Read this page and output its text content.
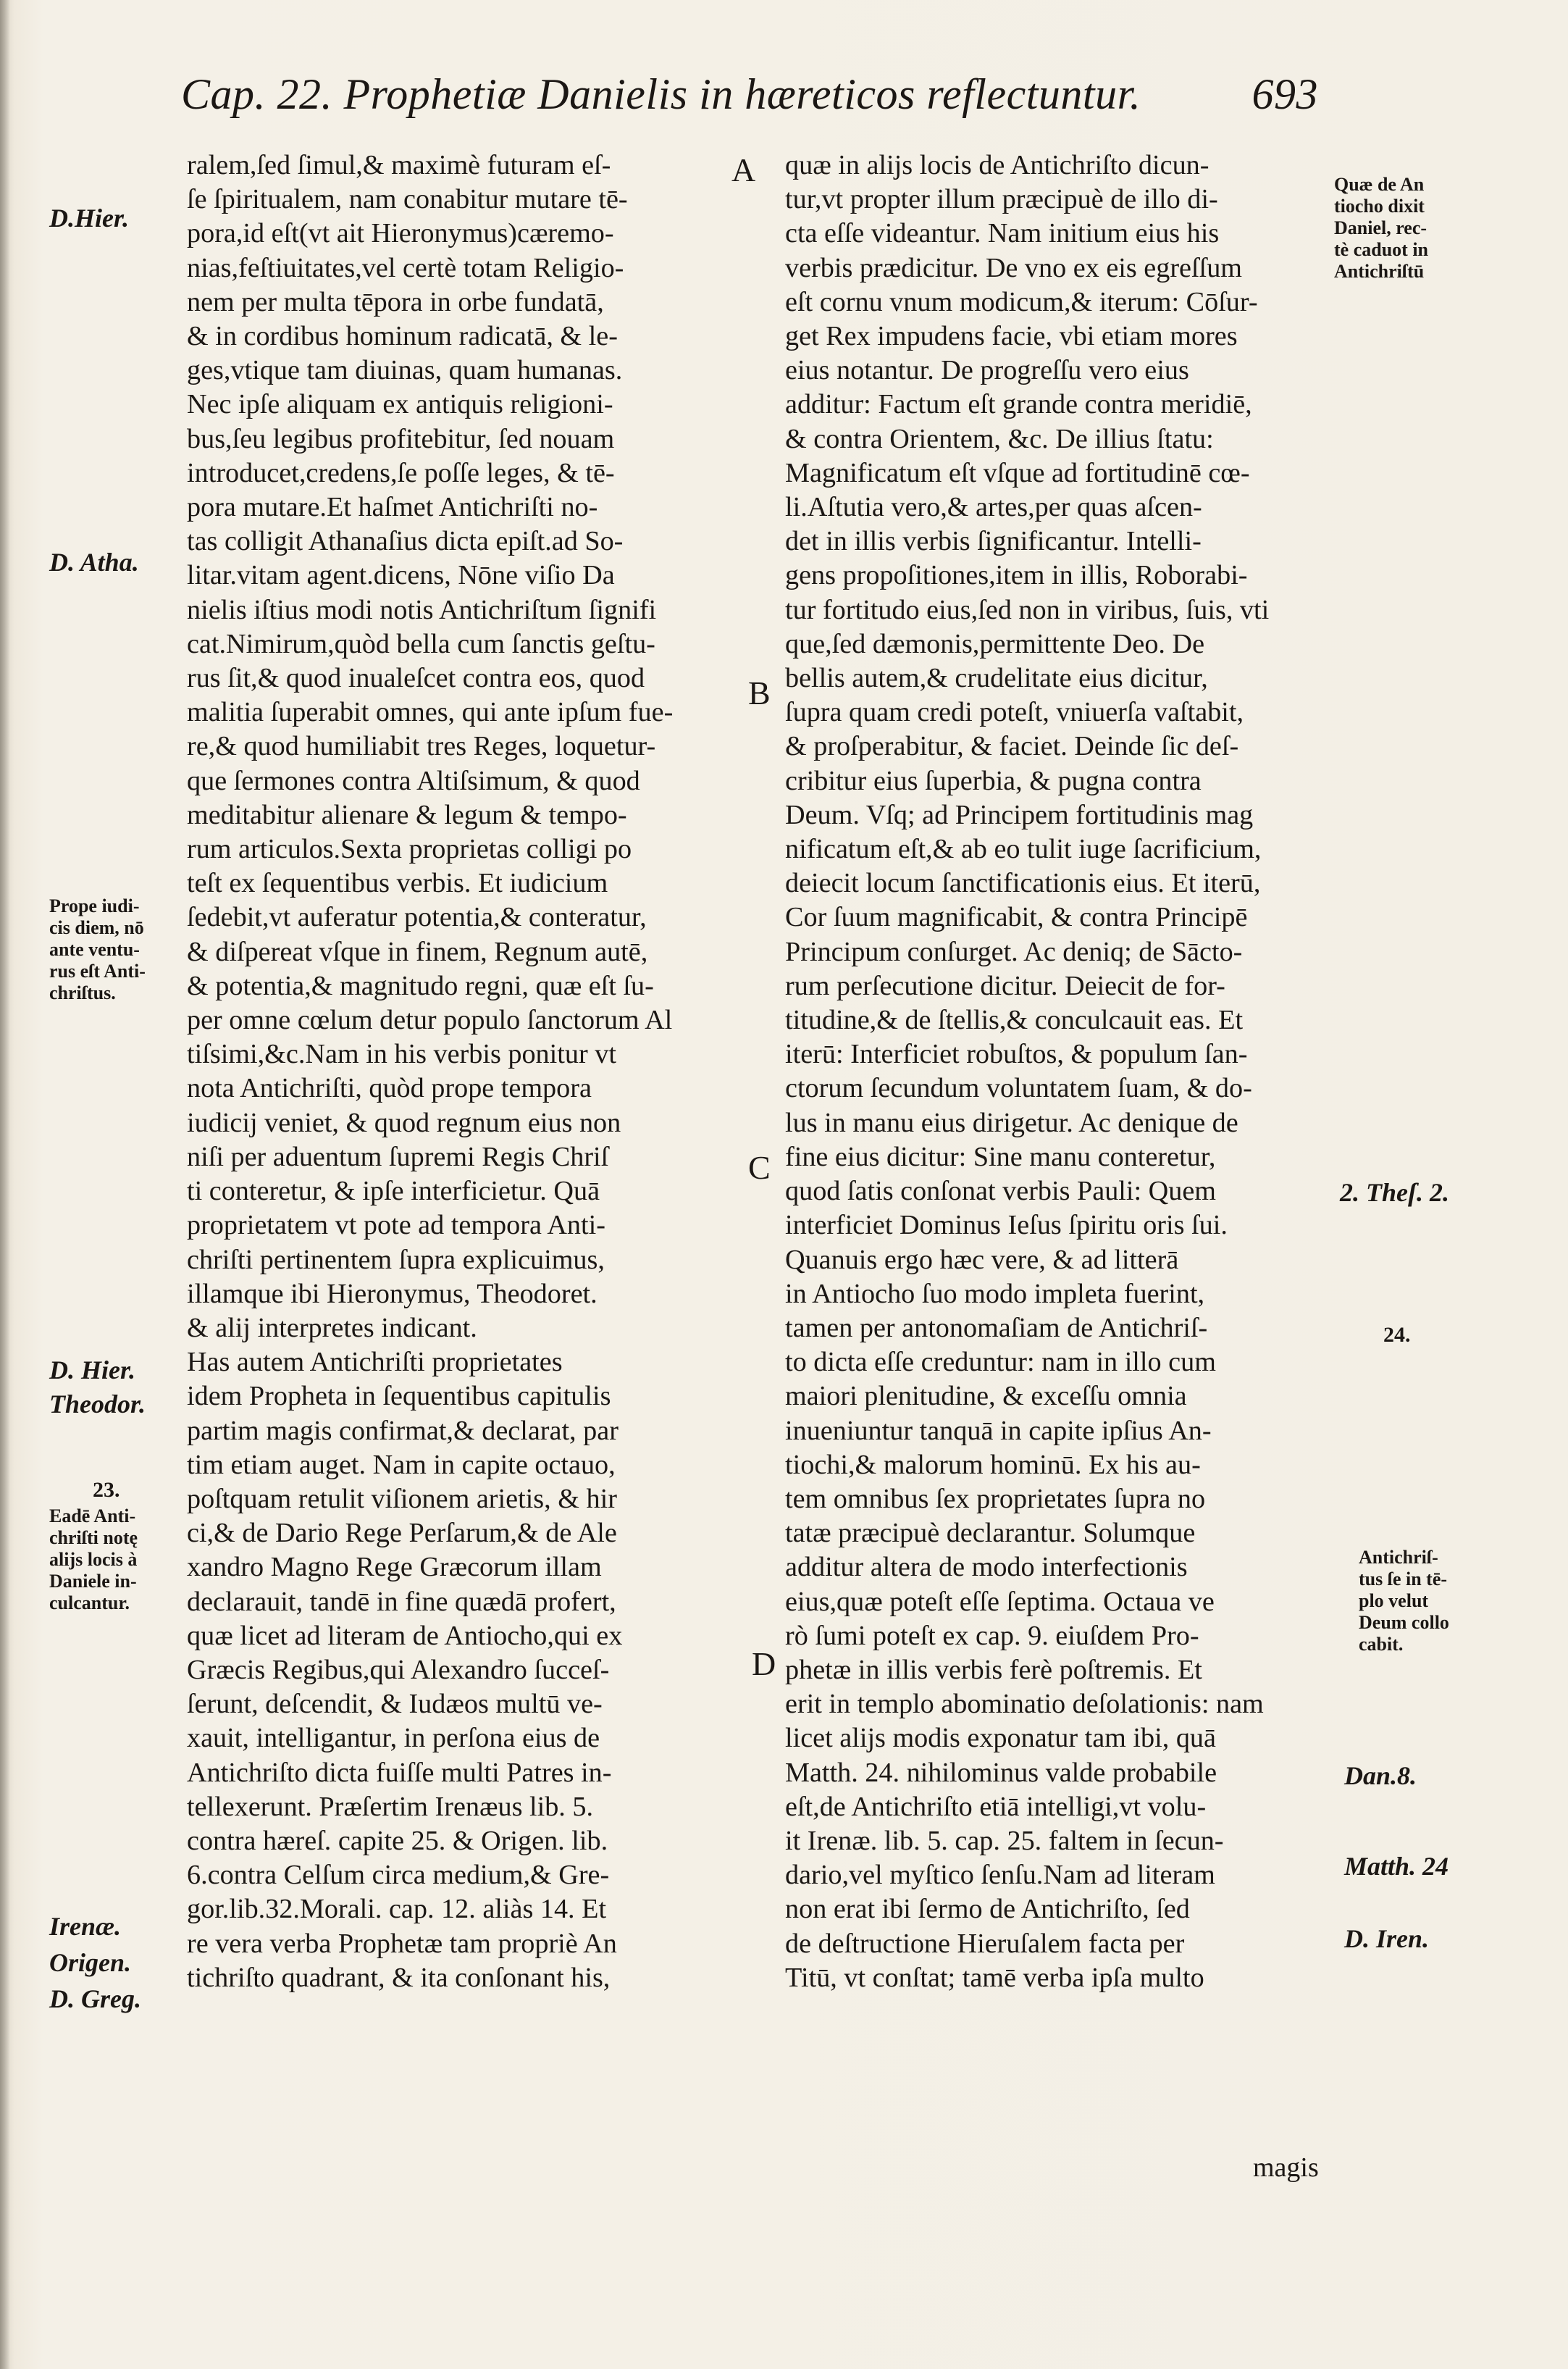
Cap. 22. Prophetiæ Danielis in hæreticos reflectuntur.	693
ralem,ſed ſimul,& maximè futuram eſ-
ſe ſpiritualem, nam conabitur mutare tē-
pora,id eſt(vt ait Hieronymus)cæremo-
nias,feſtiuitates,vel certè totam Religio-
nem per multa tēpora in orbe fundatā,
& in cordibus hominum radicatā, & le-
ges,vtique tam diuinas, quam humanas.
Nec ipſe aliquam ex antiquis religioni-
bus,ſeu legibus profitebitur, ſed nouam
introducet,credens,ſe poſſe leges, & tē-
pora mutare.Et haſmet Antichriſti no-
tas colligit Athanaſius dicta epiſt.ad So-
litar.vitam agent.dicens, Nōne viſio Da
nielis iſtius modi notis Antichriſtum ſignifi
cat.Nimirum,quòd bella cum ſanctis geſtu-
rus ſit,& quod inualeſcet contra eos, quod
malitia ſuperabit omnes, qui ante ipſum fue-
re,& quod humiliabit tres Reges, loquetur-
que ſermones contra Altiſsimum, & quod
meditabitur alienare & legum & tempo-
rum articulos.Sexta proprietas colligi po
teſt ex ſequentibus verbis. Et iudicium
ſedebit,vt auferatur potentia,& conteratur,
& diſpereat vſque in finem, Regnum autē,
& potentia,& magnitudo regni, quæ eſt ſu-
per omne cœlum detur populo ſanctorum Al
tiſsimi,&c.Nam in his verbis ponitur vt
nota Antichriſti, quòd prope tempora
iudicij veniet, & quod regnum eius non
niſi per aduentum ſupremi Regis Chriſ
ti conteretur, & ipſe interficietur. Quā
proprietatem vt pote ad tempora Anti-
chriſti pertinentem ſupra explicuimus,
illamque ibi Hieronymus, Theodoret.
& alij interpretes indicant.
Has autem Antichriſti proprietates
idem Propheta in ſequentibus capitulis
partim magis confirmat,& declarat, par
tim etiam auget. Nam in capite octauo,
poſtquam retulit viſionem arietis, & hir
ci,& de Dario Rege Perſarum,& de Ale
xandro Magno Rege Græcorum illam
declarauit, tandē in fine quædā profert,
quæ licet ad literam de Antiocho,qui ex
Græcis Regibus,qui Alexandro ſucceſ-
ſerunt, deſcendit, & Iudæos multū ve-
xauit, intelligantur, in perſona eius de
Antichriſto dicta fuiſſe multi Patres in-
tellexerunt. Præſertim Irenæus lib. 5.
contra hæreſ. capite 25. & Origen. lib.
6.contra Celſum circa medium,& Gre-
gor.lib.32.Morali. cap. 12. aliàs 14. Et
re vera verba Prophetæ tam propriè An
tichriſto quadrant, & ita conſonant his,
quæ in alijs locis de Antichriſto dicun-
tur,vt propter illum præcipuè de illo di-
cta eſſe videantur. Nam initium eius his
verbis prædicitur. De vno ex eis egreſſum
eſt cornu vnum modicum,& iterum: Cōſur-
get Rex impudens facie, vbi etiam mores
eius notantur. De progreſſu vero eius
additur: Factum eſt grande contra meridiē,
& contra Orientem, &c. De illius ſtatu:
Magnificatum eſt vſque ad fortitudinē cœ-
li.Aſtutia vero,& artes,per quas aſcen-
det in illis verbis ſignificantur. Intelli-
gens propoſitiones,item in illis, Roborabi-
tur fortitudo eius,ſed non in viribus, ſuis, vti
que,ſed dæmonis,permittente Deo. De
bellis autem,& crudelitate eius dicitur,
ſupra quam credi poteſt, vniuerſa vaſtabit,
& proſperabitur, & faciet. Deinde ſic deſ-
cribitur eius ſuperbia, & pugna contra
Deum. Vſq; ad Principem fortitudinis mag
nificatum eſt,& ab eo tulit iuge ſacrificium,
deiecit locum ſanctificationis eius. Et iterū,
Cor ſuum magnificabit, & contra Principē
Principum conſurget. Ac deniq; de Sācto-
rum perſecutione dicitur. Deiecit de for-
titudine,& de ſtellis,& conculcauit eas. Et
iterū: Interficiet robuſtos, & populum ſan-
ctorum ſecundum voluntatem ſuam, & do-
lus in manu eius dirigetur. Ac denique de
fine eius dicitur: Sine manu conteretur,
quod ſatis conſonat verbis Pauli: Quem
interficiet Dominus Ieſus ſpiritu oris ſui.
Quanuis ergo hæc vere, & ad litterā
in Antiocho ſuo modo impleta fuerint,
tamen per antonomaſiam de Antichriſ-
to dicta eſſe creduntur: nam in illo cum
maiori plenitudine, & exceſſu omnia
inueniuntur tanquā in capite ipſius An-
tiochi,& malorum hominū. Ex his au-
tem omnibus ſex proprietates ſupra no
tatæ præcipuè declarantur. Solumque
additur altera de modo interfectionis
eius,quæ poteſt eſſe ſeptima. Octaua ve
rò ſumi poteſt ex cap. 9. eiuſdem Pro-
phetæ in illis verbis ferè poſtremis. Et
erit in templo abominatio deſolationis: nam
licet alijs modis exponatur tam ibi, quā
Matth. 24. nihilominus valde probabile
eſt,de Antichriſto etiā intelligi,vt volu-
it Irenæ. lib. 5. cap. 25. faltem in ſecun-
dario,vel myſtico ſenſu.Nam ad literam
non erat ibi ſermo de Antichriſto, ſed
de deſtructione Hieruſalem facta per
Titū, vt conſtat; tamē verba ipſa multo
A
B
C
D
D.Hier.
D. Atha.
Prope iudi-
cis diem, nō
ante ventu-
rus eſt Anti-
chriſtus.
D. Hier.
Theodor.
23.
Eadē Anti-
chriſti notę
alijs locis à
Daniele in-
culcantur.
Irenæ.
Origen.
D. Greg.
Quæ de An
tiocho dixit
Daniel, rec-
tè caduot in
Antichriſtū
2. Theſ. 2.
24.
Antichriſ-
tus ſe in tē-
plo velut
Deum collo
cabit.
Dan.8.
Matth. 24
D. Iren.
magis
